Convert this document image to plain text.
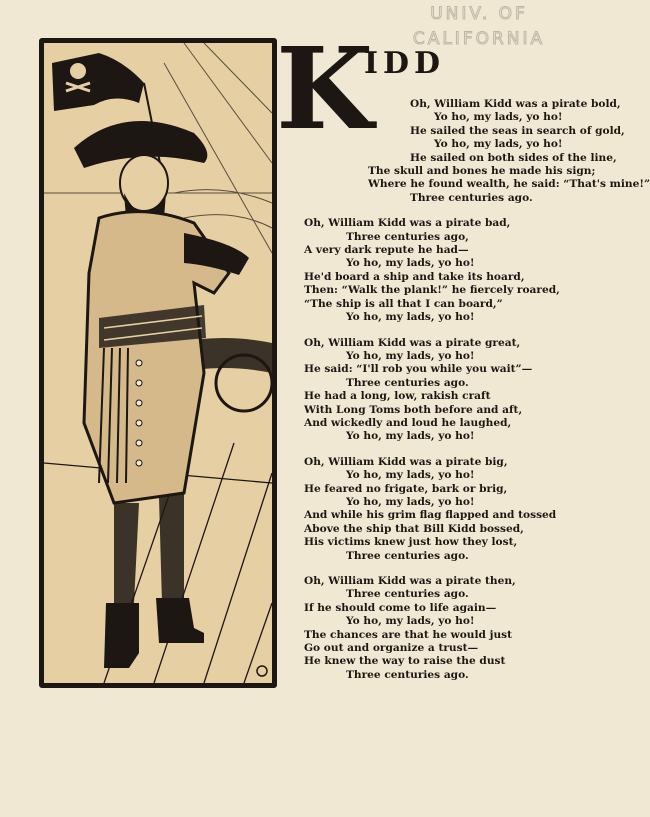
UNIV. OF
CALIFORNIA
K
IDD
Oh, William Kidd was a pirate bold,
Yo ho, my lads, yo ho!
He sailed the seas in search of gold,
Yo ho, my lads, yo ho!
He sailed on both sides of the line,
The skull and bones he made his sign;
Where he found wealth, he said: “That's mine!”
Three centuries ago.
Oh, William Kidd was a pirate bad,
Three centuries ago,
A very dark repute he had—
Yo ho, my lads, yo ho!
He'd board a ship and take its hoard,
Then: “Walk the plank!” he fiercely roared,
“The ship is all that I can board,”
Yo ho, my lads, yo ho!
Oh, William Kidd was a pirate great,
Yo ho, my lads, yo ho!
He said: “I'll rob you while you wait”—
Three centuries ago.
He had a long, low, rakish craft
With Long Toms both before and aft,
And wickedly and loud he laughed,
Yo ho, my lads, yo ho!
Oh, William Kidd was a pirate big,
Yo ho, my lads, yo ho!
He feared no frigate, bark or brig,
Yo ho, my lads, yo ho!
And while his grim flag flapped and tossed
Above the ship that Bill Kidd bossed,
His victims knew just how they lost,
Three centuries ago.
Oh, William Kidd was a pirate then,
Three centuries ago.
If he should come to life again—
Yo ho, my lads, yo ho!
The chances are that he would just
Go out and organize a trust—
He knew the way to raise the dust
Three centuries ago.
